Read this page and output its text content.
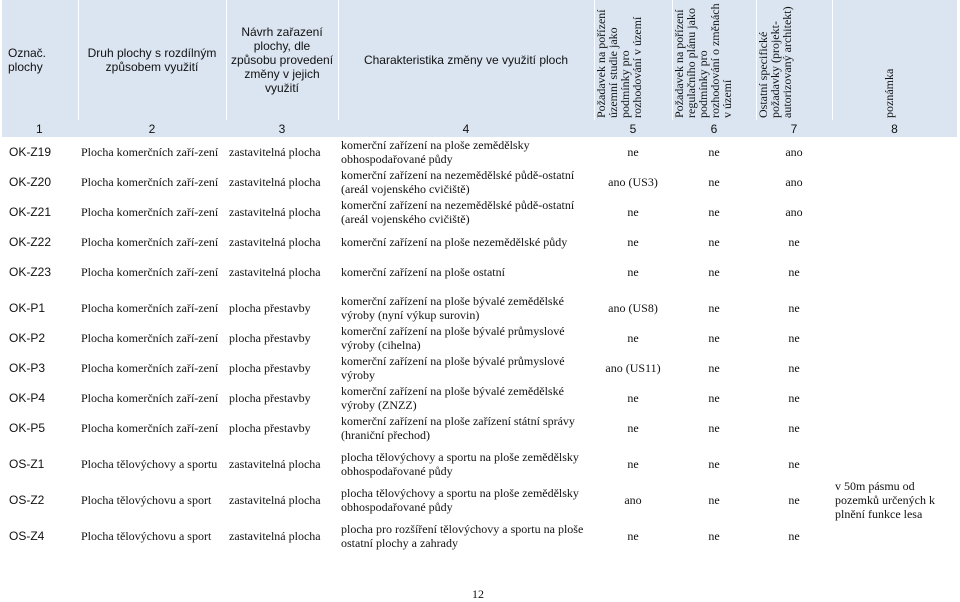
Označ. plochy	Druh plochy s rozdílným způsobem využití	Návrh zařazení plochy, dle způsobu provedení změny v jejich využití	Charakteristika změny ve využití ploch	Požadavek na pořízení územní studie jako podmínky pro rozhodování v území	Požadavek na pořízení regulačního plánu jako podmínky pro rozhodování o změnách v území	Ostatní specifické požadavky (projekt-autorizovaný architekt)	poznámka

1	2	3	4	5	6	7	8
OK-Z19	Plocha komerčních zaří-zení	zastavitelná plocha	komerční zařízení na ploše zemědělsky obhospodařované půdy	ne	ne	ano	
OK-Z20	Plocha komerčních zaří-zení	zastavitelná plocha	komerční zařízení na nezemědělské půdě-ostatní (areál vojenského cvičiště)	ano (US3)	ne	ano	
OK-Z21	Plocha komerčních zaří-zení	zastavitelná plocha	komerční zařízení na nezemědělské půdě-ostatní (areál vojenského cvičiště)	ne	ne	ano	
OK-Z22	Plocha komerčních zaří-zení	zastavitelná plocha	komerční zařízení na ploše nezemědělské půdy	ne	ne	ne	
OK-Z23	Plocha komerčních zaří-zení	zastavitelná plocha	komerční zařízení na ploše ostatní	ne	ne	ne	

OK-P1	Plocha komerčních zaří-zení	plocha přestavby	komerční zařízení na ploše bývalé zemědělské výroby (nyní výkup surovin)	ano (US8)	ne	ne	
OK-P2	Plocha komerčních zaří-zení	plocha přestavby	komerční zařízení na ploše bývalé průmyslové výroby (cihelna)	ne	ne	ne	
OK-P3	Plocha komerčních zaří-zení	plocha přestavby	komerční zařízení na ploše bývalé průmyslové výroby	ano (US11)	ne	ne	
OK-P4	Plocha komerčních zaří-zení	plocha přestavby	komerční zařízení na ploše bývalé zemědělské výroby (ZNZZ)	ne	ne	ne	
OK-P5	Plocha komerčních zaří-zení	plocha přestavby	komerční zařízení na ploše zařízení státní správy (hraniční přechod)	ne	ne	ne	

OS-Z1	Plocha tělovýchovy a sportu	zastavitelná plocha	plocha tělovýchovy a sportu na ploše zemědělsky obhospodařované půdy	ne	ne	ne	
OS-Z2	Plocha tělovýchovu a sport	zastavitelná plocha	plocha tělovýchovy a sportu na ploše zemědělsky obhospodařované půdy	ano	ne	ne	v 50m pásmu od pozemků určených k plnění funkce lesa
OS-Z4	Plocha tělovýchovu a sport	zastavitelná plocha	plocha pro rozšíření tělovýchovy a sportu na ploše ostatní plochy a zahrady	ne	ne	ne	
12
